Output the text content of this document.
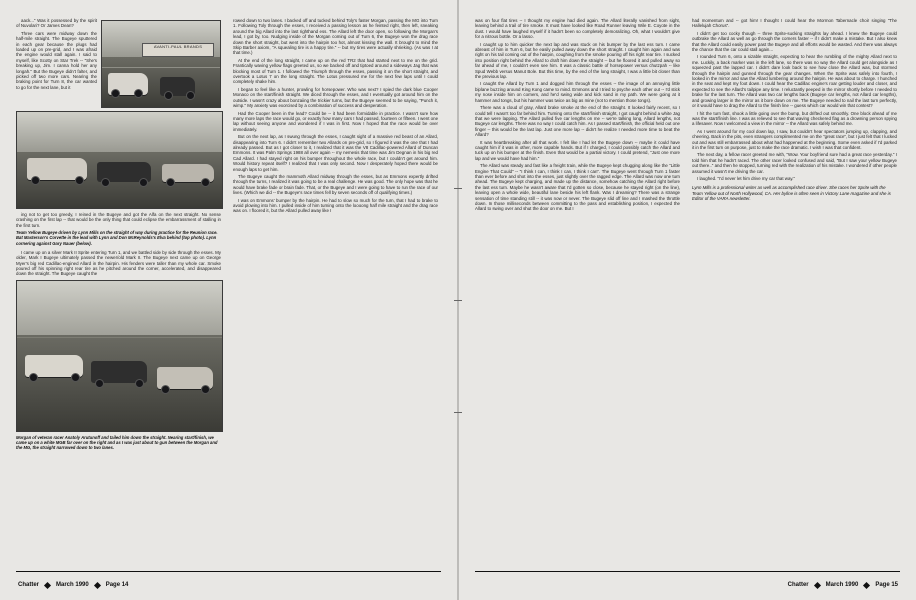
AVANTI-PAUL BRANDS

aack..." Was it possessed by the spirit of Nuvolari? Or James Dean?

Three cars were midway down the half-mile straight. The Bugeye sputtered in each gear because the plugs had loaded up on pre-grid, and I was afraid the engine would stall again. I said to myself, like Scotty on Star Trek -- "She's breaking up, Jim. I canna hold her any longah." But the Bugeye didn't falter, and picked off two more cars. Nearing the braking point for Turn 8, the car wanted to go for the next lane, but it

ing not to get too greedy, I reined in the Bugeye and got the Alfa on the next straight. No sense crashing on the first lap -- that would be the only thing that could eclipse the embarrassment of stalling in the first turn.

Team Yellow Bugeye driven by Lynn Mills on the straight of way during practice for the Reunion race. Bat Masterson's Corvette in the lead with Lynn and Don McReynolds's Elva behind (top photo). Lynn cornering against Gary Nauer (below).

I came up on a silver Mark II Sprite entering Turn 1, and we battled side by side through the esses. My older, Mark I Bugeye ultimately passed the newer/old Mark II. The Bugeye next came up on George Myer's big red Cadillac-engined Allard in the hairpin. His fenders were taller than my whole car. Smoke poured off his spinning right rear tire as he pitched around the corner, accelerated, and disappeared down the straight. The Bugeye caught the

Morgan of veteran racer Anatoly Arutunoff and tailed him down the straight. Nearing start/finish, we came up on a white MGB far over on the right and as I was just about to gun between the Morgan and the MG, the straight narrowed down to two lanes.

rowed down to two lanes. I backed off and tucked behind Toly's faster Morgan, passing the MG into Turn 1. Following Toly through the esses, I received a passing lesson as he feinted right, then left, sneaking around the big Allard into the last righthand ess. The Allard left the door open, so following the Morgan's lead, I got by, too. Nudging inside of the Morgan coming out of Turn 6, the Bugeye won the drag race down the short straight, but went into the hairpin too hot, almost kissing the wall. It brought to mind the Skip Barber axiom, "A squealing tire is a happy tire." -- but my tires were actually shrieking. (As was I at that time.)

At the end of the long straight, I came up on the red TR2 that had started next to me on the grid. Frantically waving yellow flags greeted us, so we backed off and tiptoed around a sideways Jag that was blocking most of Turn 1. I followed the Triumph through the esses, passing it on the short straight, and overtook a Lotus 7 on the long straight. The Lotus pressured me for the next few laps until I could completely shake him.

I began to feel like a hunter, prowling for horsepower. Who was next? I spied the dark blue Cooper Monaco on the start/finish straight. We diced through the esses, and I eventually got around him on the outside. I wasn't crazy about bonzaiing the trickier turns, but the Bugeye seemed to be saying, "Punch it, wimp." My anxiety was exorcised by a combination of success and desperation.

Had the Cooper been in the lead? Could be -- it had been formidable in practice. I wasn't sure how many more laps the race would go, or exactly how many cars I had passed, fourteen or fifteen. I went one lap without seeing anyone and wondered if I was in first. Now I hoped that the race would be over immediately.

But on the next lap, as I swung through the esses, I caught sight of a massive red beast of an Allard, disappearing into Turn 6. I didn't remember two Allards on pre-grid, so I figured it was the one that I had already passed. But as I got closer to it, I realized that it was the V8 Cadillac-powered Allard of Duncan Emmons. It was Palm Springs 1988 all over again -- my nemesis that time was Jim Degnan in his big red Cad Allard. I had stayed right on his bumper throughout the whole race, but I couldn't get around him. Would history repeat itself? I realized that I was only second. Now I desperately hoped there would be enough laps to get him.

The Bugeye caught the mammoth Allard midway through the esses, but as Emmons expertly drifted through the turns, I realized it was going to be a real challenge. He was good. The only hope was that he would have brake fade or brain fade. That, or the Bugeye and I were going to have to run the race of our lives. (Which we did -- the Bugeye's race times fell by seven seconds off of qualifying times.)

I was on Emmons' bumper by the hairpin. He had to slow so much for the turn, that I had to brake to avoid plowing into him. I pulled inside of him turning onto the loooong half mile straight and the drag race was on. I floored it, but the Allard pulled away like I

Chatter	March 1990	Page 14

was on four flat tires -- I thought my engine had died again. The Allard literally vanished from sight, leaving behind a trail of tire smoke. It must have looked like Road Runner leaving Wile E. Coyote in the dust. I would have laughed myself if it hadn't been so completely demoralizing. Oh, what I wouldn't give for a nitrous bottle. Or a lasso.

I caught up to him quicker the next lap and was stuck on his bumper by the last ess turn. I came abreast of him in Turn 6, but he easily pulled away down the short straight. I caught him again and was right on his tail coming out of the hairpin, coughing from the smoke pouring off his right rear tire. I sucked into position right behind the Allard to draft him down the straight -- but he floored it and pulled away so far ahead of me, I couldn't even see him. It was a classic battle of horsepower versus chutzpah -- like Spud Webb versus Manut Bole. But this time, by the end of the long straight, I was a little bit closer than the previous lap.

I caught the Allard by Turn 1 and dogged him through the esses -- the image of an annoying little biplane buzzing around King Kong came to mind. Emmons and I tried to psyche each other out -- I'd stick my nose inside him on corners, and he'd swing wide and kick sand in my path. We were going at it hammer and tongs, but his hammer was twice as big as mine (not to mention those tongs).

There was a cloud of gray, Allard brake smoke at the end of the straight. It looked fairly recent, so I could tell I wasn't too far behind him. Turning onto the start/finish straight, I got caught behind a white Jag that we were lapping. The Allard pulled five car lengths on me -- we're talking long, Allard lengths, not Bugeye car lengths. There was no way I could catch him. As I passed start/finish, the official held out one finger -- this would be the last lap. Just one more lap -- didn't he realize I needed more time to beat the Allard?

It was heartbreaking after all that work. I felt like I had let the Bugeye down -- maybe it could have caught him if it was in other, more capable hands. But if I charged, I could possibly catch the Allard and tuck up on his bumper at the finish. Even that would be a partial victory. I could pretend, "Just one more lap and we would have had him."

The Allard was steady and fast like a freight train, while the Bugeye kept chugging along like the "Little Engine That Could" -- "I think I can, I think I can, I think I can". The Bugeye went through Turn 1 faster than ever before and shot into the esses, just slightly over the ragged edge. The Allard was now one turn ahead. The Bugeye kept charging, and made up the distance, somehow catching the Allard right before the last ess turn. Maybe he wasn't aware that I'd gotten so close, because he stayed right (on the line), leaving open a whole wide, beautiful lane beside his left flank. Was I dreaming? There was a strange sensation of time standing still -- it was now or never. The Bugeye slid off line and I mashed the throttle down. In those milliseconds between committing to the pass and establishing position, I expected the Allard to swing over and shut the door on me. But I

had momentum and -- got him! I thought I could hear the Mormon Tabernacle choir singing "The Hallelujah Chorus".

I didn't get too cocky though -- three Sprite-sucking straights lay ahead. I knew the Bugeye could outbrake the Allard as well as go through the corners faster -- if I didn't make a mistake. But I also knew that the Allard could easily power past the Bugeye and all efforts would be wasted. And there was always the chance that the car could stall again...

I rounded Turn 6, onto a sizable straight, expecting to hear the rumbling of the mighty Allard next to me. Luckily, a back marker was in the left lane, so there was no way the Allard could get alongside as I squeezed past the lapped car. I didn't dare look back to see how close the Allard was, but stormed through the hairpin and gunned through the gear changes. When the Sprite was safely into fourth, I looked in the mirror and saw the Allard lumbering around the hairpin. He was about to charge. I hunched in the seat and kept my foot down. I could hear the Cadillac engine's roar getting louder and closer, and expected to see the Allard's tailpipe any time. I reluctantly peeped in the mirror shortly before I needed to brake for the last turn. The Allard was two car lengths back (Bugeye car lengths, not Allard car lengths), and growing larger in the mirror as it bore down on me. The Bugeye needed to nail the last turn perfectly, or it would have to drag the Allard to the finish line -- guess which car would win that contest?

I hit the turn fast, shook a little going over the bump, but drifted out smoothly. One block ahead of me was the start/finish line. I was as relieved to see that waving checkered flag as a drowning person spying a lifesaver. Now I welcomed a view in the mirror -- the Allard was safely behind me.

As I went around for my cool down lap, I saw, but couldn't hear spectators jumping up, clapping, and cheering. Back in the pits, even strangers complimented me on the "great race", but I just felt that I lucked out and was still embarrassed about what had happened at the beginning. Some even asked if I'd parked it in the first turn on purpose, just to make the race dramatic. I wish I was that confident.

The next day, a fellow racer greeted me with, "Wow. Your boyfriend sure had a great race yesterday." I told him that he hadn't raced. The other racer looked confused and said, "But I saw your yellow Bugeye out there.." and then he stopped, turning red with the realization of his mistake. I wondered if other people assumed it wasn't me driving the car.

I laughed. "I'd never let him drive my car that way."

Lynn Mills is a professional writer as well as accomplished race driver. She races her Sprite with the Team Yellow out of North Hollywood, CA. Her byline is often seen in Victory Lane magazine and she is Editor of the VARA newsletter.
Chatter	March 1990	Page 15
